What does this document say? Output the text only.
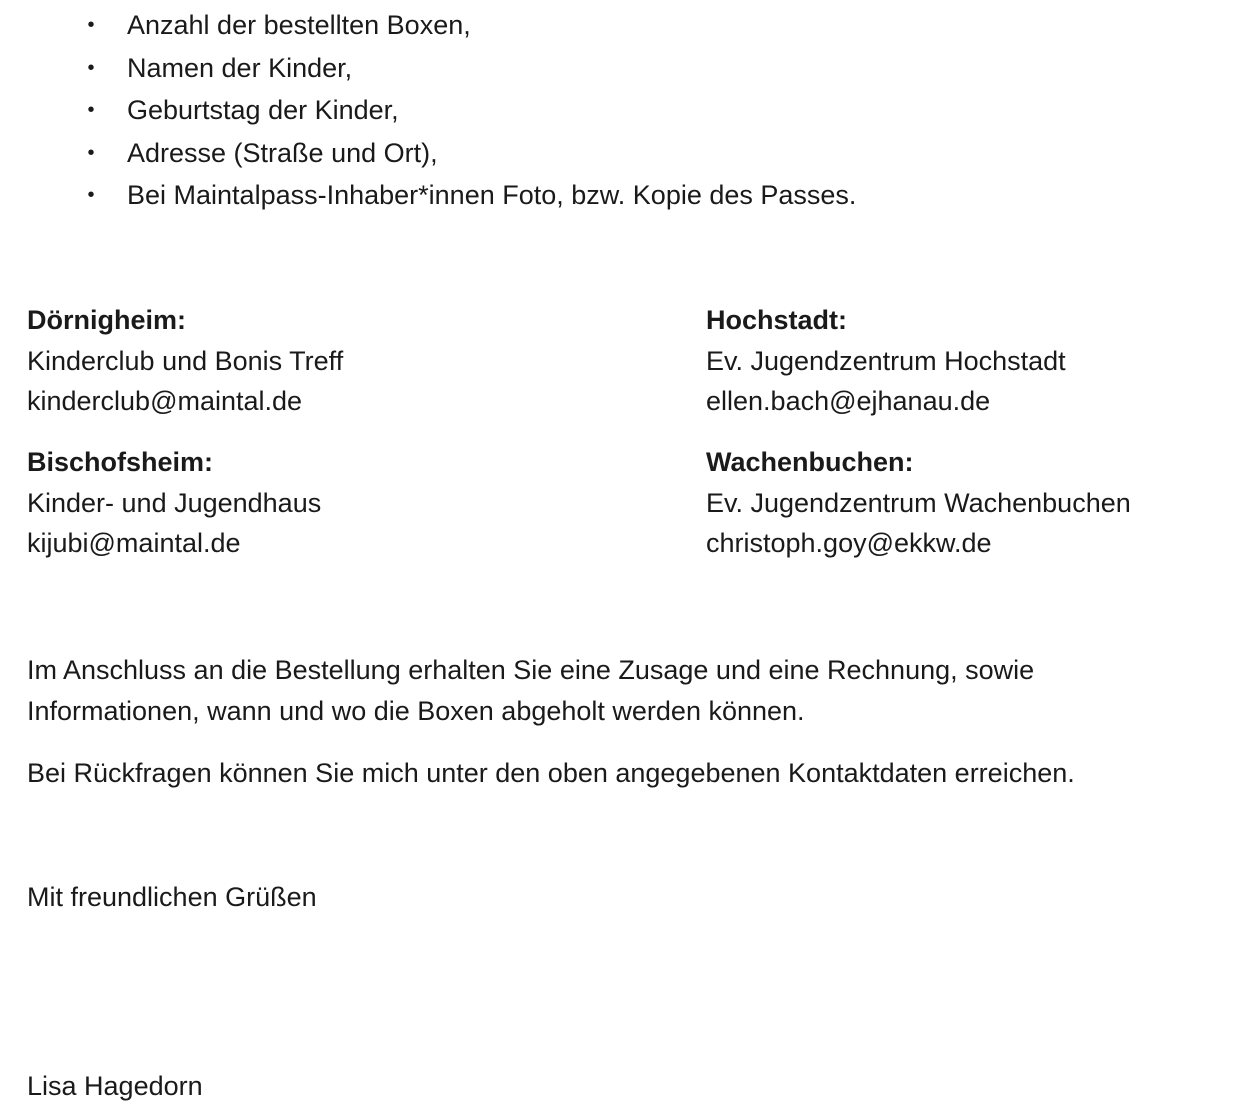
• Anzahl der bestellten Boxen,
• Namen der Kinder,
• Geburtstag der Kinder,
• Adresse (Straße und Ort),
• Bei Maintalpass-Inhaber*innen Foto, bzw. Kopie des Passes.
Dörnigheim:
Kinderclub und Bonis Treff
kinderclub@maintal.de
Bischofsheim:
Kinder- und Jugendhaus
kijubi@maintal.de
Hochstadt:
Ev. Jugendzentrum Hochstadt
ellen.bach@ejhanau.de
Wachenbuchen:
Ev. Jugendzentrum Wachenbuchen
christoph.goy@ekkw.de
Im Anschluss an die Bestellung erhalten Sie eine Zusage und eine Rechnung, sowie
Informationen, wann und wo die Boxen abgeholt werden können.
Bei Rückfragen können Sie mich unter den oben angegebenen Kontaktdaten erreichen.
Mit freundlichen Grüßen
Lisa Hagedorn
